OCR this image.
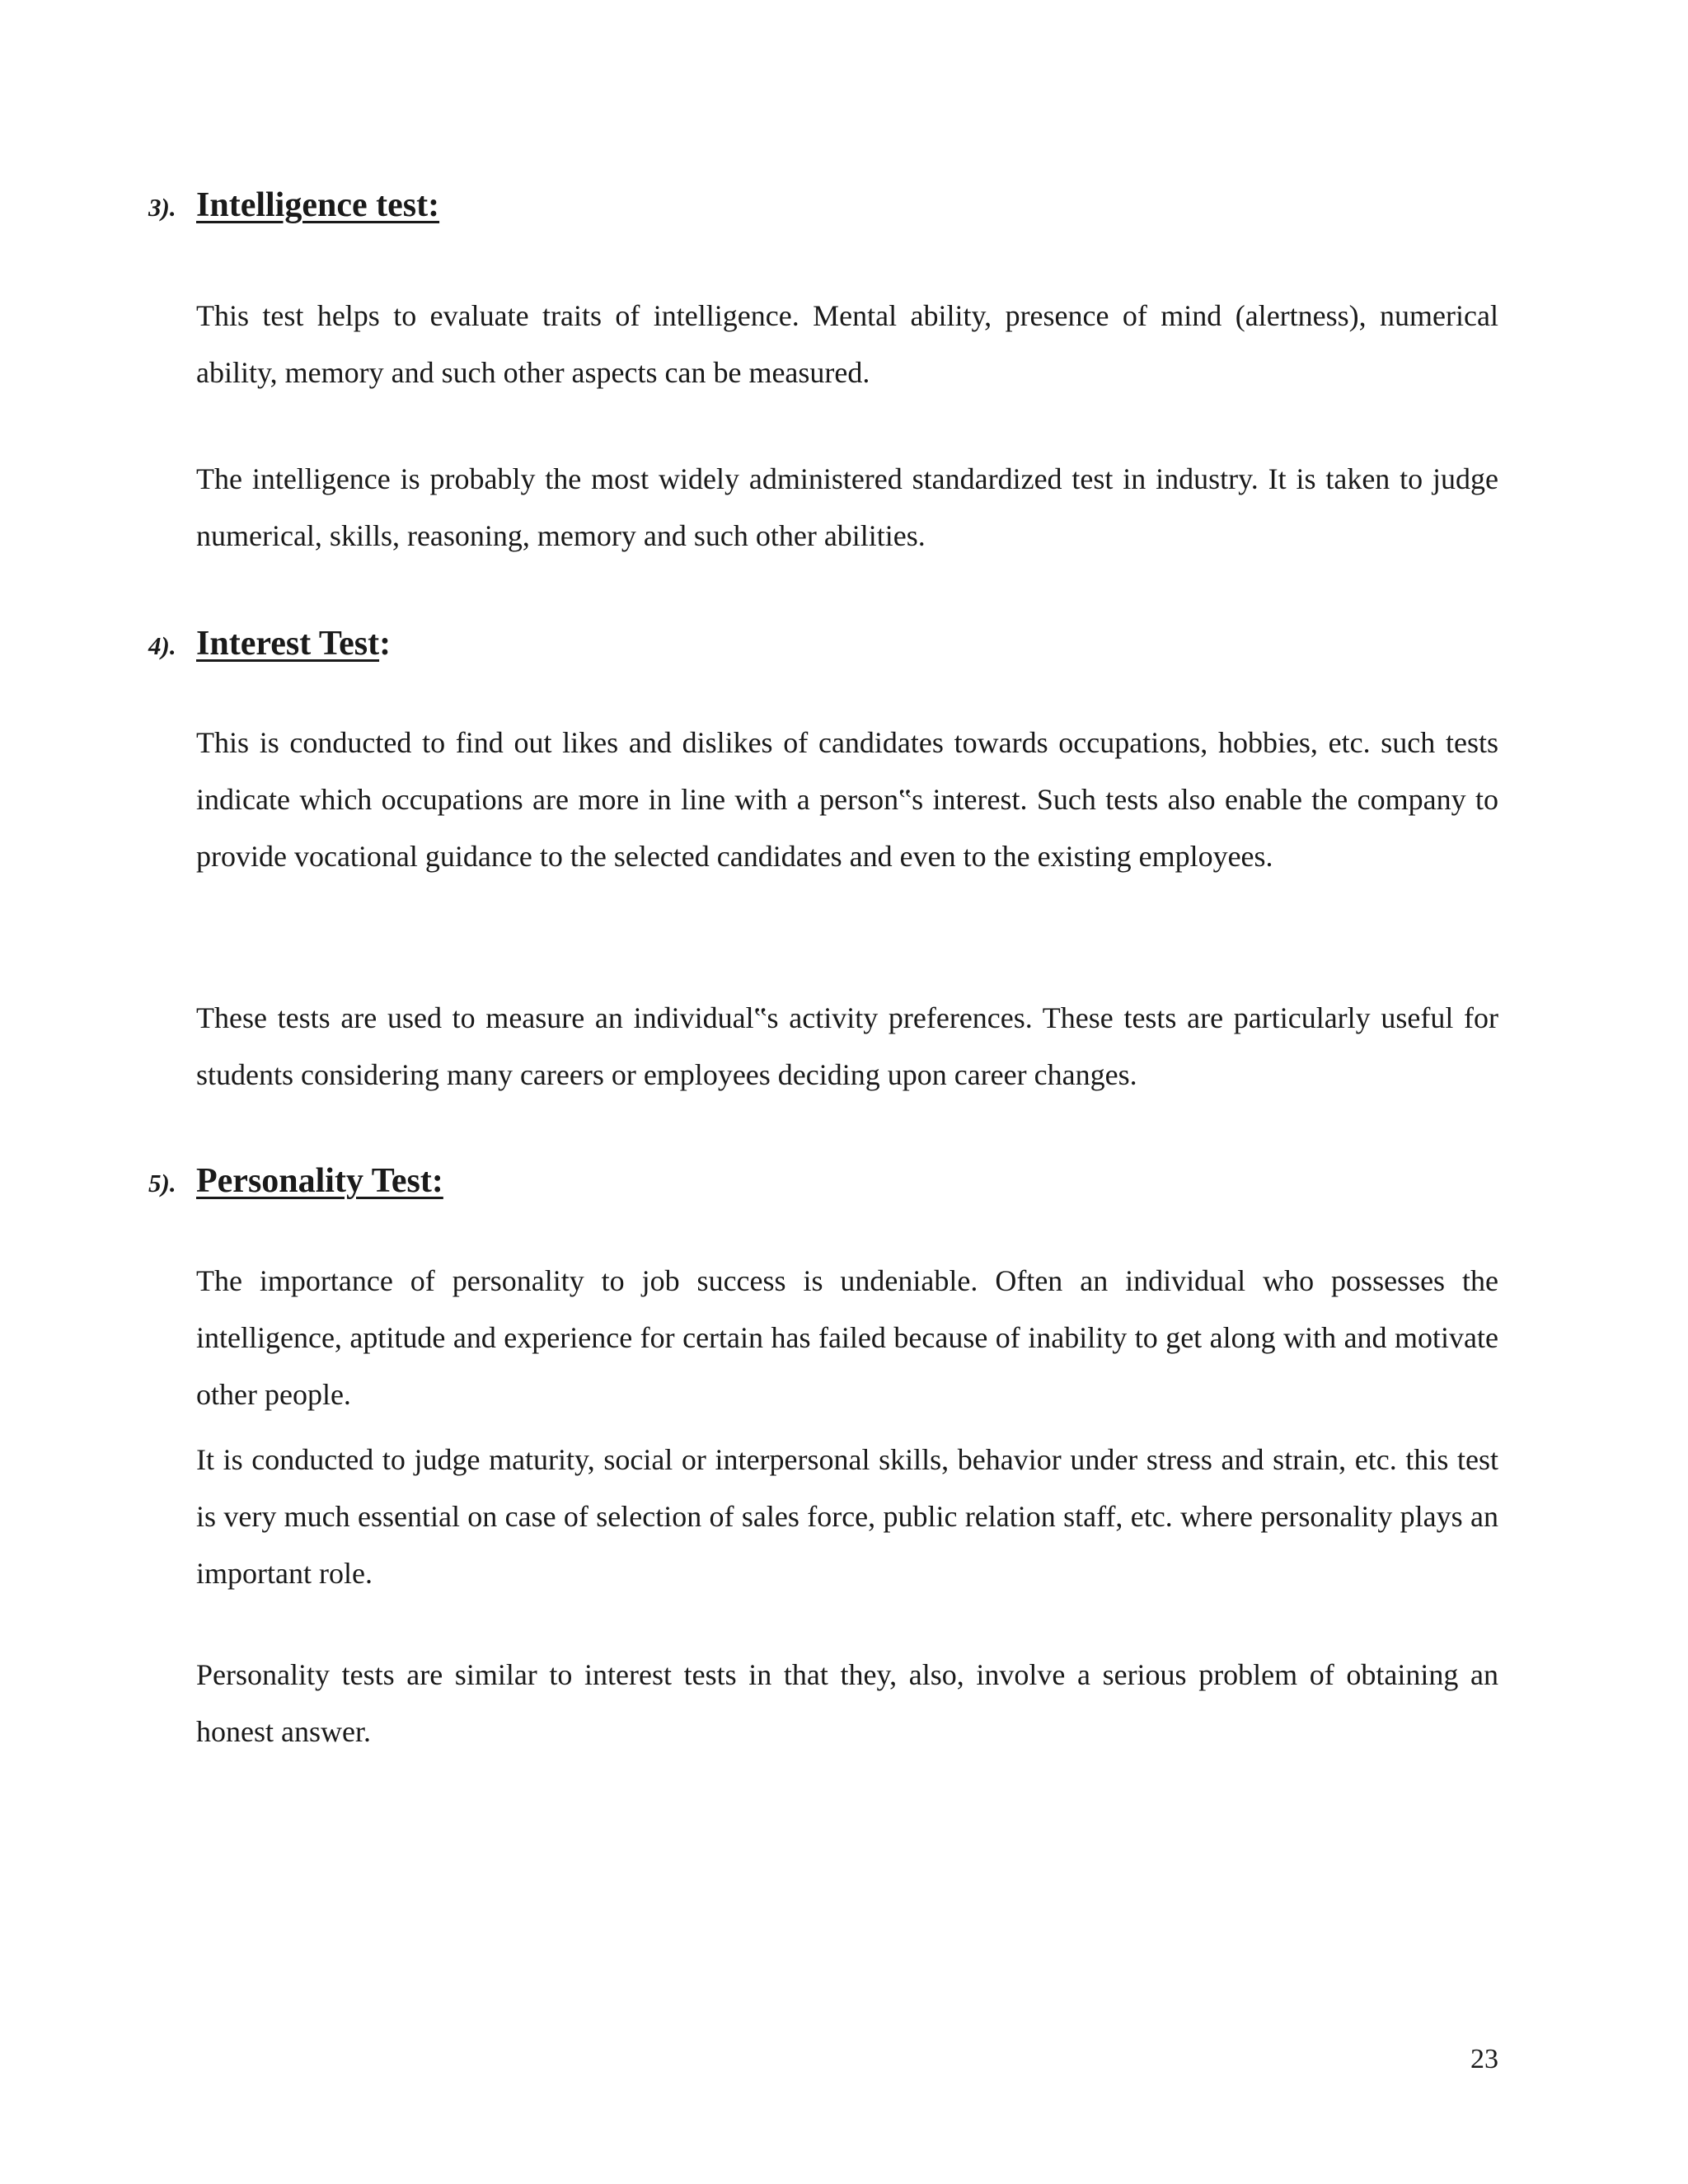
3). Intelligence test:

This test helps to evaluate traits of intelligence. Mental ability, presence of mind (alertness), numerical ability, memory and such other aspects can be measured.

The intelligence is probably the most widely administered standardized test in industry. It is taken to judge numerical, skills, reasoning, memory and such other abilities.

4). Interest Test:

This is conducted to find out likes and dislikes of candidates towards occupations, hobbies, etc. such tests indicate which occupations are more in line with a person‟s interest. Such tests also enable the company to provide vocational guidance to the selected candidates and even to the existing employees.

These tests are used to measure an individual‟s activity preferences. These tests are particularly useful for students considering many careers or employees deciding upon career changes.

5). Personality Test:

The importance of personality to job success is undeniable. Often an individual who possesses the intelligence, aptitude and experience for certain has failed because of inability to get along with and motivate other people.

It is conducted to judge maturity, social or interpersonal skills, behavior under stress and strain, etc. this test is very much essential on case of selection of sales force, public relation staff, etc. where personality plays an important role.

Personality tests are similar to interest tests in that they, also, involve a serious problem of obtaining an honest answer.

23
